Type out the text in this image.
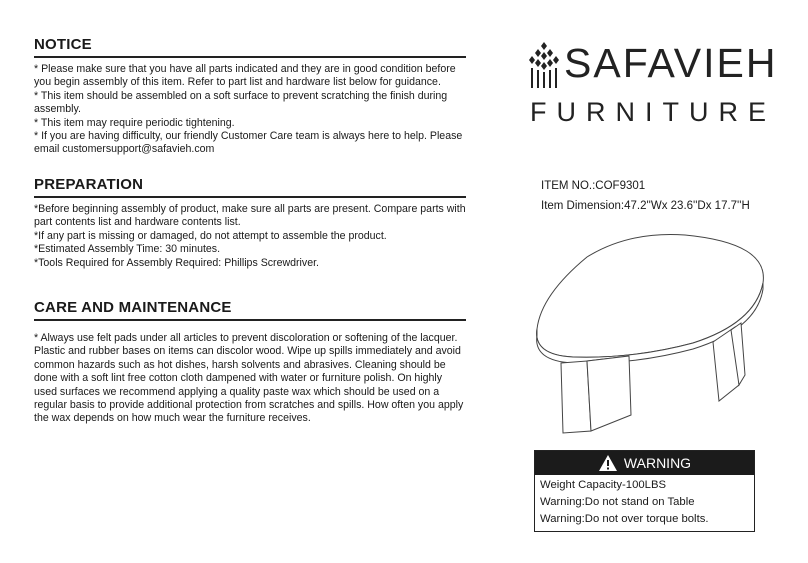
NOTICE

* Please make sure that you have all parts indicated and they are in good condition before you begin assembly of this item. Refer to part list and hardware list below for guidance.
* This item should be assembled on a soft surface to prevent scratching the finish during assembly.
* This item may require periodic tightening.
* If you are having difficulty, our friendly Customer Care team is always here to help. Please email customersupport@safavieh.com

PREPARATION

*Before beginning assembly of product, make sure all parts are present. Compare parts with part contents list and hardware contents list.
*If any part is missing or damaged, do not attempt to assemble the product.
*Estimated Assembly Time: 30 minutes.
*Tools Required for Assembly Required: Phillips Screwdriver.

CARE AND MAINTENANCE

* Always use felt pads under all articles to prevent discoloration or softening of the lacquer. Plastic and rubber bases on items can discolor wood. Wipe up spills immediately and avoid common hazards such as hot dishes, harsh solvents and abrasives. Cleaning should be done with a soft lint free cotton cloth dampened with water or furniture polish. On highly used surfaces we recommend applying a quality paste wax which should be used on a regular basis to provide additional protection from scratches and spills. How often you apply the wax depends on how much wear the furniture receives.

SAFAVIEH
FURNITURE
ITEM NO.:COF9301
Item Dimension:47.2''Wx 23.6''Dx 17.7''H
WARNING
Weight Capacity-100LBS
Warning:Do not stand on Table
Warning:Do not over torque bolts.
